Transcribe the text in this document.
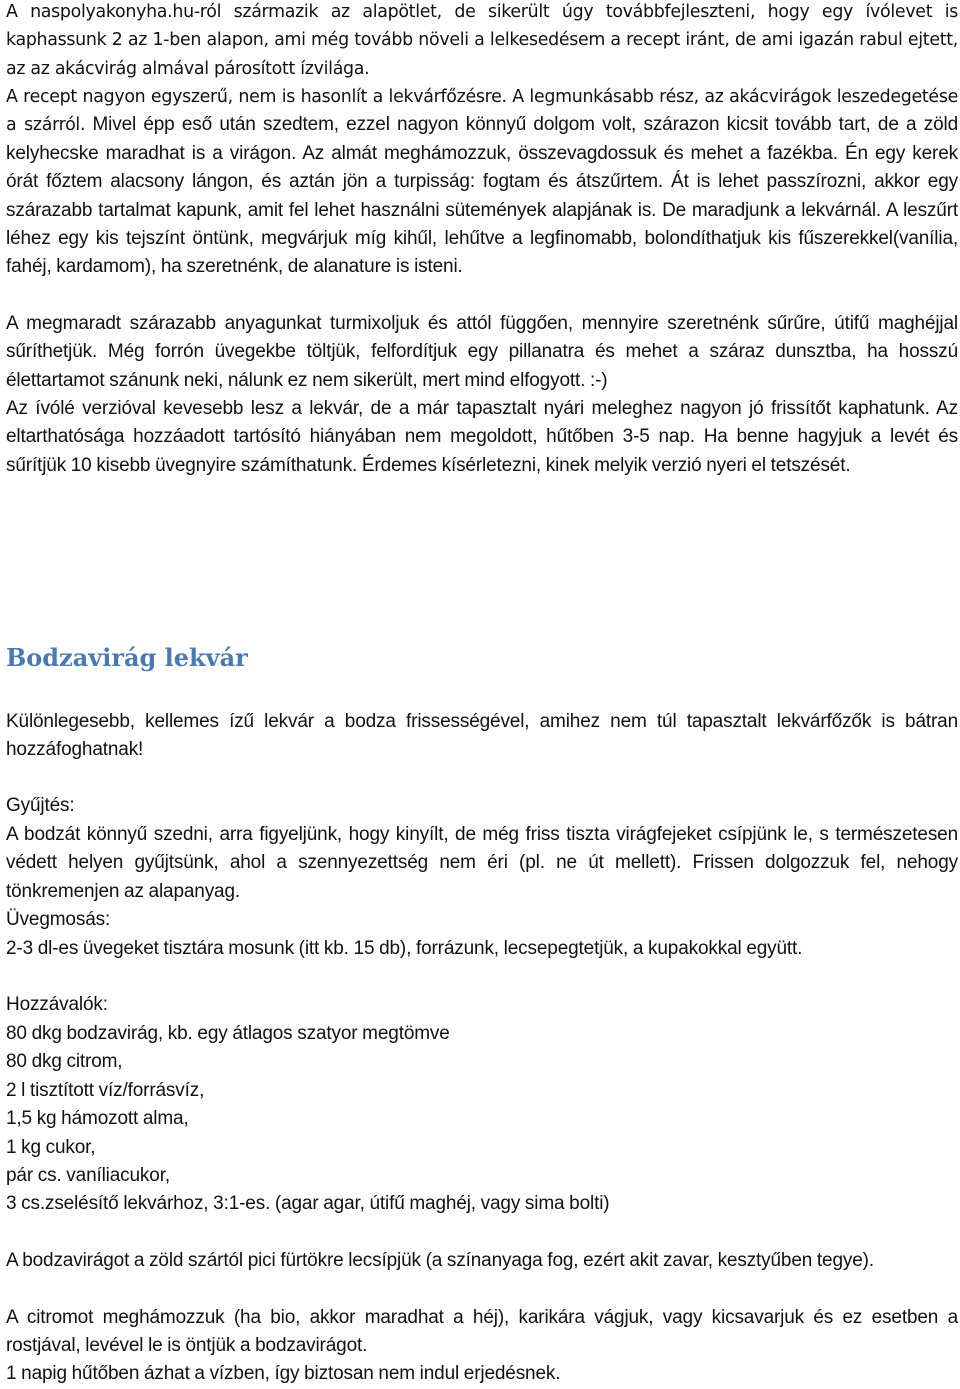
A naspolyakonyha.hu-ról származik az alapötlet, de sikerült úgy továbbfejleszteni, hogy egy ívólevet is kaphassunk 2 az 1-ben alapon, ami még tovább növeli a lelkesedésem a recept iránt, de ami igazán rabul ejtett, az az akácvirág almával párosított ízvilága.

A recept nagyon egyszerű, nem is hasonlít a lekvárfőzésre. A legmunkásabb rész, az akácvirágok leszedegetése a szárról. Mivel épp eső után szedtem, ezzel nagyon könnyű dolgom volt, szárazon kicsit tovább tart, de a zöld kelyhecske maradhat is a virágon. Az almát meghámozzuk, összevagdossuk és mehet a fazékba. Én egy kerek órát főztem alacsony lángon, és aztán jön a turpisság: fogtam és átszűrtem. Át is lehet passzírozni, akkor egy szárazabb tartalmat kapunk, amit fel lehet használni sütemények alapjának is. De maradjunk a lekvárnál. A leszűrt léhez egy kis tejszínt öntünk, megvárjuk míg kihűl, lehűtve a legfinomabb, bolondíthatjuk kis fűszerekkel(vanília, fahéj, kardamom), ha szeretnénk, de alanature is isteni.

A megmaradt szárazabb anyagunkat turmixoljuk és attól függően, mennyire szeretnénk sűrűre, útifű maghéjjal sűríthetjük. Még forrón üvegekbe töltjük, felfordítjuk egy pillanatra és mehet a száraz dunsztba, ha hosszú élettartamot szánunk neki, nálunk ez nem sikerült, mert mind elfogyott. :-)

Az ívólé verzióval kevesebb lesz a lekvár, de a már tapasztalt nyári meleghez nagyon jó frissítőt kaphatunk. Az eltarthatósága hozzáadott tartósító hiányában nem megoldott, hűtőben 3-5 nap. Ha benne hagyjuk a levét és sűrítjük 10 kisebb üvegnyire számíthatunk. Érdemes kísérletezni, kinek melyik verzió nyeri el tetszését.

Bodzavirág lekvár

Különlegesebb, kellemes ízű lekvár a bodza frissességével, amihez nem túl tapasztalt lekvárfőzők is bátran hozzáfoghatnak!

Gyűjtés:

A bodzát könnyű szedni, arra figyeljünk, hogy kinyílt, de még friss tiszta virágfejeket csípjünk le, s természetesen védett helyen gyűjtsünk, ahol a szennyezettség nem éri (pl. ne út mellett). Frissen dolgozzuk fel, nehogy tönkremenjen az alapanyag.

Üvegmosás:

2-3 dl-es üvegeket tisztára mosunk (itt kb. 15 db), forrázunk, lecsepegtetjük, a kupakokkal együtt.

Hozzávalók:

80 dkg bodzavirág, kb. egy átlagos szatyor megtömve
80 dkg citrom,
2 l tisztított víz/forrásvíz,
1,5 kg hámozott alma,
1 kg cukor,
pár cs. vaníliacukor,
3 cs.zselésítő lekvárhoz, 3:1-es. (agar agar, útifű maghéj, vagy sima bolti)

A bodzavirágot a zöld szártól pici fürtökre lecsípjük (a színanyaga fog, ezért akit zavar, kesztyűben tegye).

A citromot meghámozzuk (ha bio, akkor maradhat a héj), karikára vágjuk, vagy kicsavarjuk és ez esetben a rostjával, levével le is öntjük a bodzavirágot.

1 napig hűtőben ázhat a vízben, így biztosan nem indul erjedésnek.
